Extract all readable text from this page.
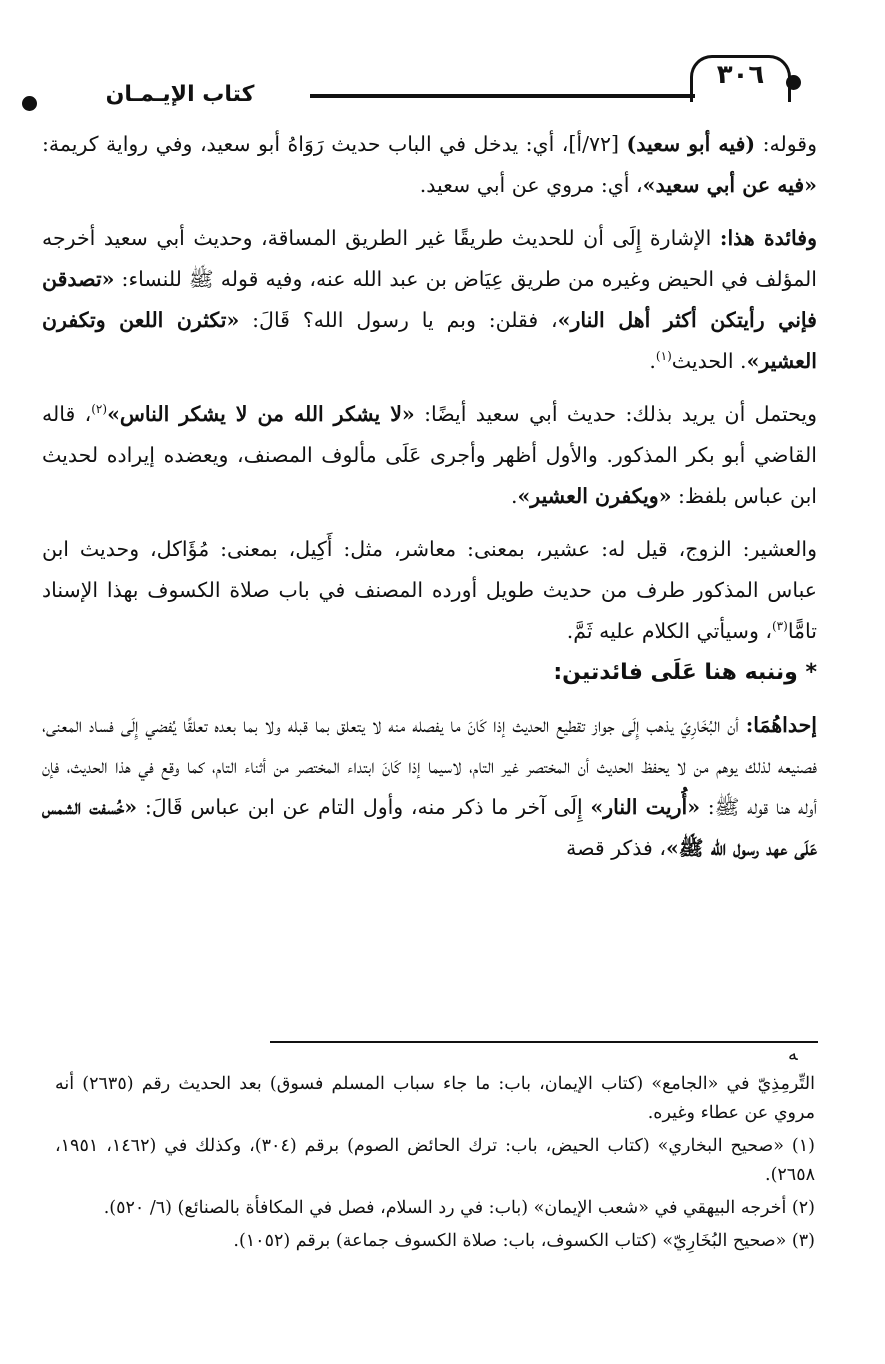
كتاب الإيـمـان
٣٠٦

وقوله: (فيه أبو سعيد) [٧٢/أ]، أي: يدخل في الباب حديث رَوَاهُ أبو سعيد، وفي رواية كريمة: «فيه عن أبي سعيد»، أي: مروي عن أبي سعيد.

وفائدة هذا: الإشارة إِلَى أن للحديث طريقًا غير الطريق المساقة، وحديث أبي سعيد أخرجه المؤلف في الحيض وغيره من طريق عِيَاض بن عبد الله عنه، وفيه قوله ﷺ للنساء: «تصدقن فإني رأيتكن أكثر أهل النار»، فقلن: وبم يا رسول الله؟ قَالَ: «تكثرن اللعن وتكفرن العشير». الحديث$^{(١)}$.

ويحتمل أن يريد بذلك: حديث أبي سعيد أيضًا: «لا يشكر الله من لا يشكر الناس»$^{(٢)}$، قاله القاضي أبو بكر المذكور. والأول أظهر وأجرى عَلَى مألوف المصنف، ويعضده إيراده لحديث ابن عباس بلفظ: «ويكفرن العشير».

والعشير: الزوج، قيل له: عشير، بمعنى: معاشر، مثل: أَكِيل، بمعنى: مُؤَاكل، وحديث ابن عباس المذكور طرف من حديث طويل أورده المصنف في باب صلاة الكسوف بهذا الإسناد تامًّا$^{(٣)}$، وسيأتي الكلام عليه ثَمَّ.

* وننبه هنا عَلَى فائدتين:

إحداهُمَا: أن البُخَارِيّ يذهب إِلَى جواز تقطيع الحديث إذا كَانَ ما يفصله منه لا يتعلق بما قبله ولا بما بعده تعلقًا يُفضي إِلَى فساد المعنى، فصنيعه لذلك يوهم من لا يحفظ الحديث أن المختصر غير التام، لاسيما إذا كَانَ ابتداء المختصر من أثناء التام، كما وقع في هذا الحديث، فإن أوله هنا قوله ﷺ: «أُريت النار» إِلَى آخر ما ذكر منه، وأول التام عن ابن عباس قَالَ: «خُسفت الشمس عَلَى عهد رسول الله ﷺ»، فذكر قصة

ﻪ

التِّرمِذِيّ في «الجامع» (كتاب الإيمان، باب: ما جاء سباب المسلم فسوق) بعد الحديث رقم (٢٦٣٥) أنه مروي عن عطاء وغيره.

(١) «صحيح البخاري» (كتاب الحيض، باب: ترك الحائض الصوم) برقم (٣٠٤)، وكذلك في (١٤٦٢، ١٩٥١، ٢٦٥٨).

(٢) أخرجه البيهقي في «شعب الإيمان» (باب: في رد السلام، فصل في المكافأة بالصنائع) (٦/ ٥٢٠).

(٣) «صحيح البُخَارِيّ» (كتاب الكسوف، باب: صلاة الكسوف جماعة) برقم (١٠٥٢).
